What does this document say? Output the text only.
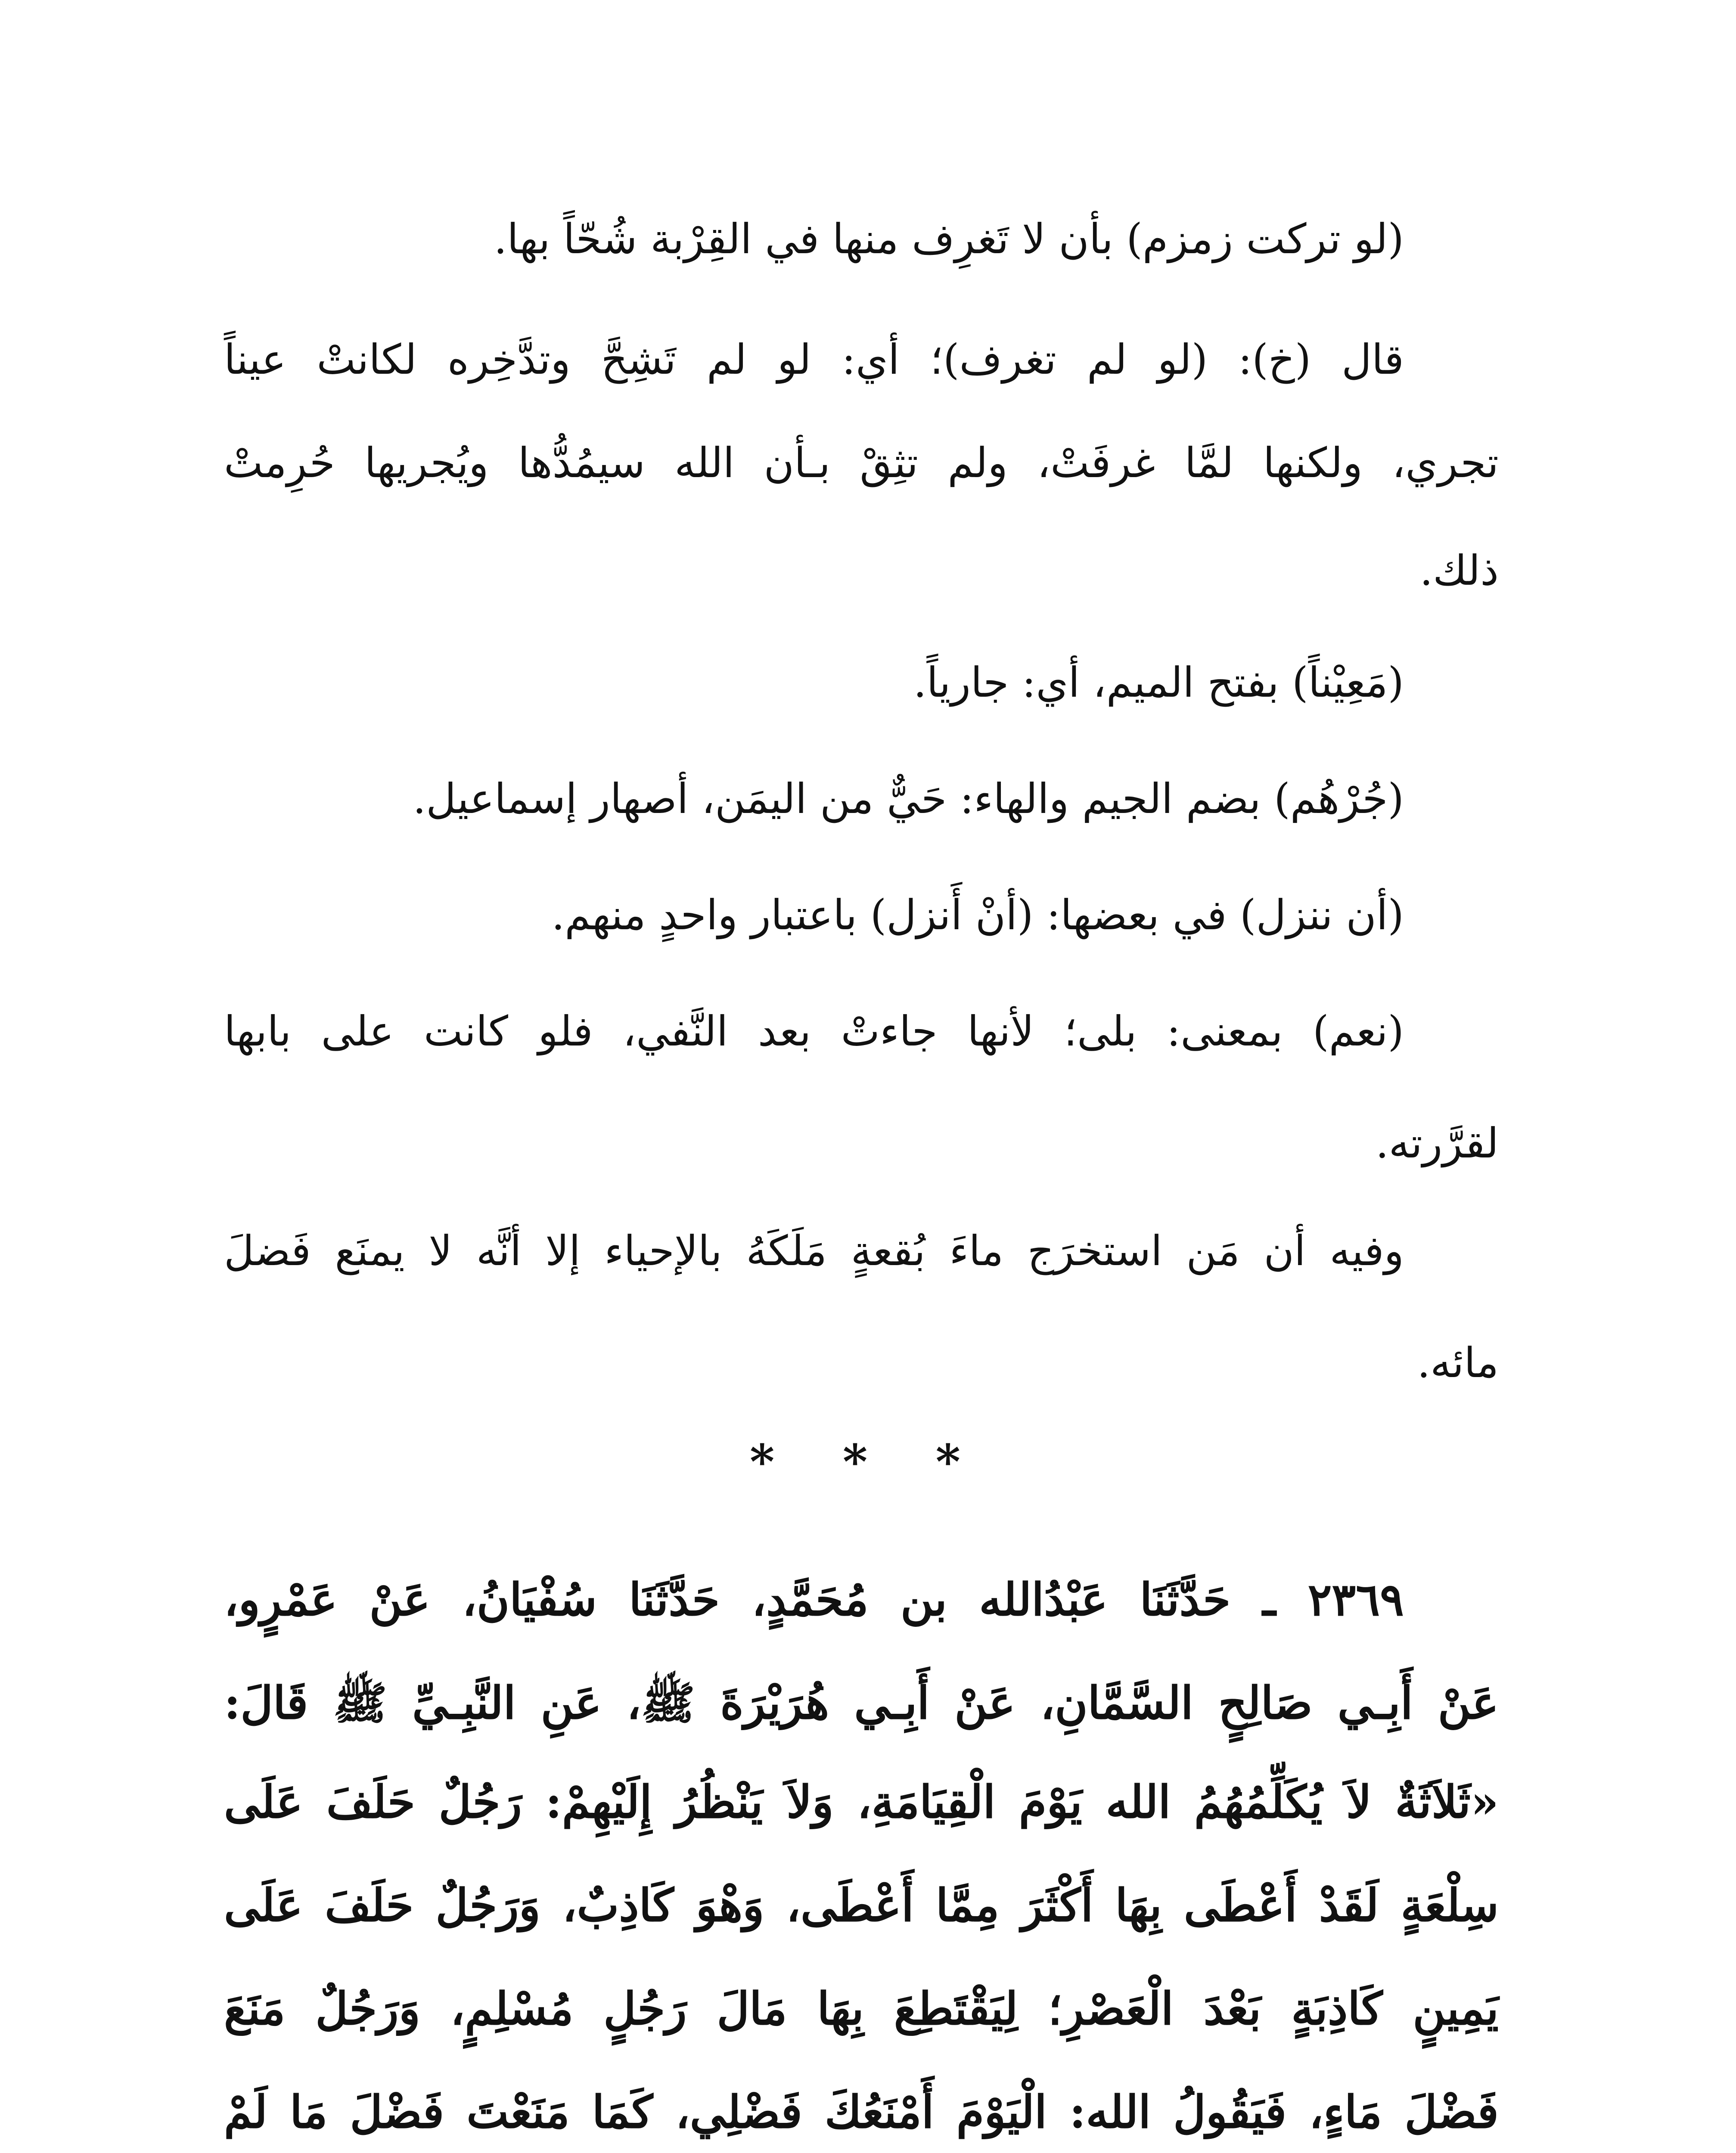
(لو تركت زمزم) بأن لا تَغرِف منها في القِرْبة شُحّاً بها.
قال (خ): (لو لم تغرف)؛ أي: لو لم تَشِحَّ وتدَّخِره لكانتْ عيناً
تجري، ولكنها لمَّا غرفَتْ، ولم تثِقْ بـأن الله سيمُدُّها ويُجريها حُرِمتْ
ذلك.
(مَعِيْناً) بفتح الميم، أي: جارياً.
(جُرْهُم) بضم الجيم والهاء: حَيٌّ من اليمَن، أصهار إسماعيل.
(أن ننزل) في بعضها: (أنْ أَنزل) باعتبار واحدٍ منهم.
(نعم) بمعنى: بلى؛ لأنها جاءتْ بعد النَّفي، فلو كانت على بابها
لقرَّرته.
وفيه أن مَن استخرَج ماءَ بُقعةٍ مَلَكَهُ بالإحياء إلا أنَّه لا يمنَع فَضلَ
مائه.
* * *
٢٣٦٩ ـ حَدَّثَنَا عَبْدُالله بن مُحَمَّدٍ، حَدَّثَنَا سُفْيَانُ، عَنْ عَمْرٍو،
عَنْ أَبِـي صَالِحٍ السَّمَّانِ، عَنْ أَبِـي هُرَيْرَةَ ﷺ، عَنِ النَّبِـيِّ ﷺ قَالَ:
«ثَلاَثَةٌ لاَ يُكَلِّمُهُمُ الله يَوْمَ الْقِيَامَةِ، وَلاَ يَنْظُرُ إِلَيْهِمْ: رَجُلٌ حَلَفَ عَلَى
سِلْعَةٍ لَقَدْ أَعْطَى بِهَا أَكْثَرَ مِمَّا أَعْطَى، وَهْوَ كَاذِبٌ، وَرَجُلٌ حَلَفَ عَلَى
يَمِينٍ كَاذِبَةٍ بَعْدَ الْعَصْرِ؛ لِيَقْتَطِعَ بِهَا مَالَ رَجُلٍ مُسْلِمٍ، وَرَجُلٌ مَنَعَ
فَضْلَ مَاءٍ، فَيَقُولُ الله: الْيَوْمَ أَمْنَعُكَ فَضْلِي، كَمَا مَنَعْتَ فَضْلَ مَا لَمْ
